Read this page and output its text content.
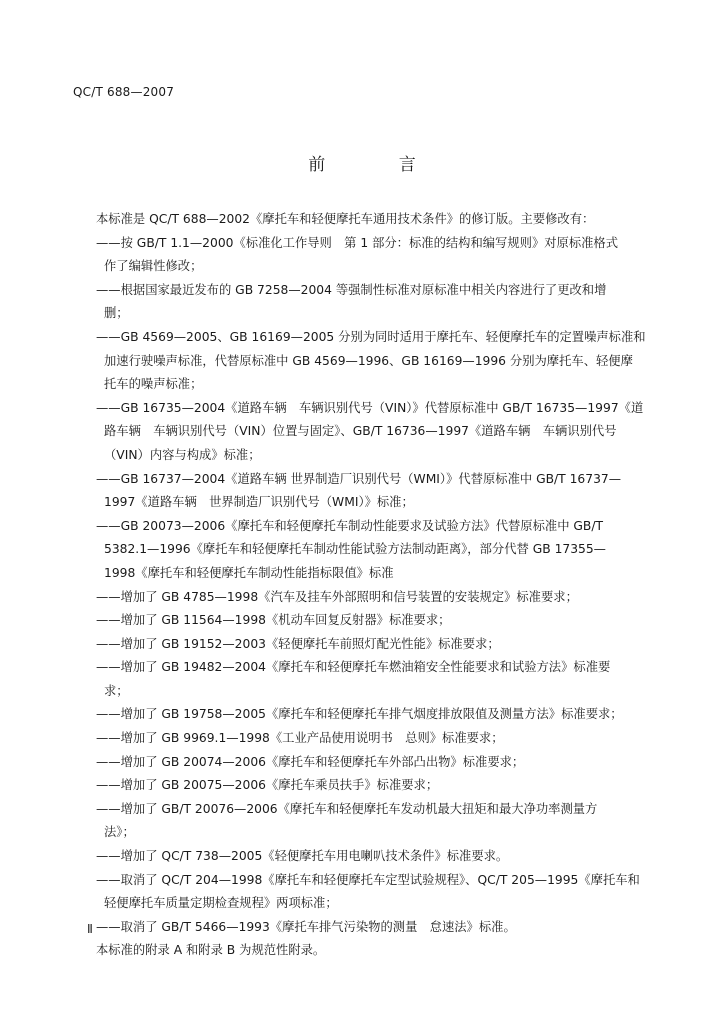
QC/T 688—2007
前 言

本标准是 QC/T 688—2002《摩托车和轻便摩托车通用技术条件》的修订版。主要修改有：

——按 GB/T 1.1—2000《标准化工作导则　第 1 部分：标准的结构和编写规则》对原标准格式
作了编辑性修改；

——根据国家最近发布的 GB 7258—2004 等强制性标准对原标准中相关内容进行了更改和增
删；

——GB 4569—2005、GB 16169—2005 分别为同时适用于摩托车、轻便摩托车的定置噪声标准和
加速行驶噪声标准，代替原标准中 GB 4569—1996、GB 16169—1996 分别为摩托车、轻便摩
托车的噪声标准；

——GB 16735—2004《道路车辆　车辆识别代号（VIN）》代替原标准中 GB/T 16735—1997《道
路车辆　车辆识别代号（VIN）位置与固定》、GB/T 16736—1997《道路车辆　车辆识别代号
（VIN）内容与构成》标准；

——GB 16737—2004《道路车辆 世界制造厂识别代号（WMI）》代替原标准中 GB/T 16737—
1997《道路车辆　世界制造厂识别代号（WMI）》标准；

——GB 20073—2006《摩托车和轻便摩托车制动性能要求及试验方法》代替原标准中 GB/T
5382.1—1996《摩托车和轻便摩托车制动性能试验方法制动距离》，部分代替 GB 17355—
1998《摩托车和轻便摩托车制动性能指标限值》标准

——增加了 GB 4785—1998《汽车及挂车外部照明和信号装置的安装规定》标准要求；

——增加了 GB 11564—1998《机动车回复反射器》标准要求；

——增加了 GB 19152—2003《轻便摩托车前照灯配光性能》标准要求；

——增加了 GB 19482—2004《摩托车和轻便摩托车燃油箱安全性能要求和试验方法》标准要
求；

——增加了 GB 19758—2005《摩托车和轻便摩托车排气烟度排放限值及测量方法》标准要求；

——增加了 GB 9969.1—1998《工业产品使用说明书　总则》标准要求；

——增加了 GB 20074—2006《摩托车和轻便摩托车外部凸出物》标准要求；

——增加了 GB 20075—2006《摩托车乘员扶手》标准要求；

——增加了 GB/T 20076—2006《摩托车和轻便摩托车发动机最大扭矩和最大净功率测量方
法》；

——增加了 QC/T 738—2005《轻便摩托车用电喇叭技术条件》标准要求。

——取消了 QC/T 204—1998《摩托车和轻便摩托车定型试验规程》、QC/T 205—1995《摩托车和
轻便摩托车质量定期检查规程》两项标准；

——取消了 GB/T 5466—1993《摩托车排气污染物的测量　怠速法》标准。

本标准的附录 A 和附录 B 为规范性附录。

Ⅱ
